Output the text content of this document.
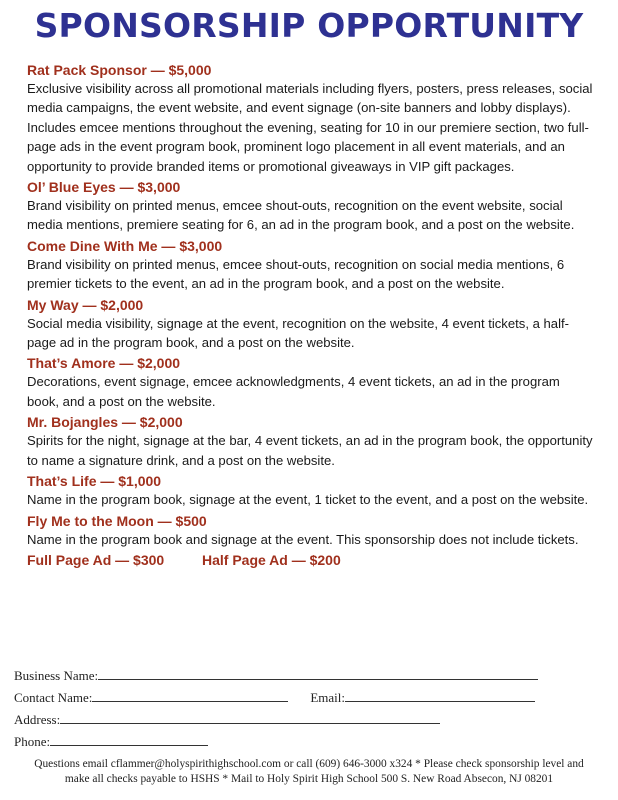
SPONSORSHIP OPPORTUNITY

Rat Pack Sponsor — $5,000

Exclusive visibility across all promotional materials including flyers, posters, press releases, social media campaigns, the event website, and event signage (on-site banners and lobby displays). Includes emcee mentions throughout the evening, seating for 10 in our premiere section, two full-page ads in the event program book, prominent logo placement in all event materials, and an opportunity to provide branded items or promotional giveaways in VIP gift packages.

Ol’ Blue Eyes — $3,000

Brand visibility on printed menus, emcee shout-outs, recognition on the event website, social media mentions, premiere seating for 6, an ad in the program book, and a post on the website.

Come Dine With Me — $3,000

Brand visibility on printed menus, emcee shout-outs, recognition on social media mentions, 6 premier tickets to the event, an ad in the program book, and a post on the website.

My Way — $2,000

Social media visibility, signage at the event, recognition on the website, 4 event tickets, a half-page ad in the program book, and a post on the website.

That’s Amore — $2,000

Decorations, event signage, emcee acknowledgments, 4 event tickets, an ad in the program book, and a post on the website.

Mr. Bojangles — $2,000

Spirits for the night, signage at the bar, 4 event tickets, an ad in the program book, the opportunity to name a signature drink, and a post on the website.

That’s Life — $1,000

Name in the program book, signage at the event, 1 ticket to the event, and a post on the website.

Fly Me to the Moon — $500

Name in the program book and signage at the event. This sponsorship does not include tickets.

Full Page Ad — $300	Half Page Ad — $200
Business Name:
Contact Name:	Email:
Address:
Phone:
Questions email cflammer@holyspirithighschool.com or call (609) 646-3000 x324 * Please check sponsorship level and
make all checks payable to HSHS * Mail to Holy Spirit High School 500 S. New Road Absecon, NJ 08201
